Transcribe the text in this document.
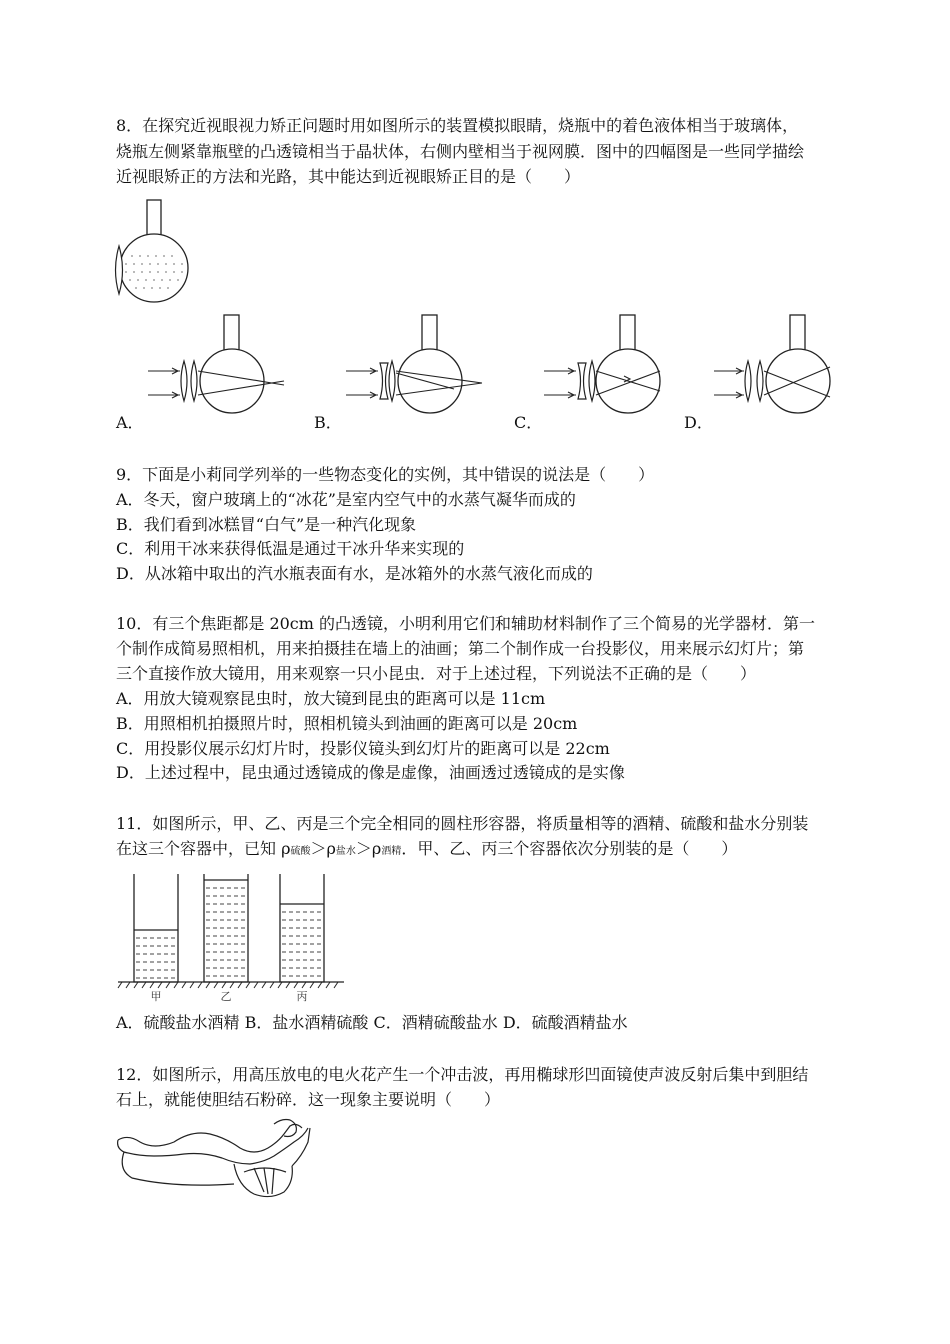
8．在探究近视眼视力矫正问题时用如图所示的装置模拟眼睛，烧瓶中的着色液体相当于玻璃体，
烧瓶左侧紧靠瓶壁的凸透镜相当于晶状体，右侧内壁相当于视网膜．图中的四幅图是一些同学描绘
近视眼矫正的方法和光路，其中能达到近视眼矫正目的是（　　）
A．	B．	C．	D．
9．下面是小莉同学列举的一些物态变化的实例，其中错误的说法是（　　）
A．冬天，窗户玻璃上的“冰花”是室内空气中的水蒸气凝华而成的
B．我们看到冰糕冒“白气”是一种汽化现象
C．利用干冰来获得低温是通过干冰升华来实现的
D．从冰箱中取出的汽水瓶表面有水，是冰箱外的水蒸气液化而成的
10．有三个焦距都是 20cm 的凸透镜，小明利用它们和辅助材料制作了三个简易的光学器材．第一
个制作成简易照相机，用来拍摄挂在墙上的油画；第二个制作成一台投影仪，用来展示幻灯片；第
三个直接作放大镜用，用来观察一只小昆虫．对于上述过程，下列说法不正确的是（　　）
A．用放大镜观察昆虫时，放大镜到昆虫的距离可以是 11cm
B．用照相机拍摄照片时，照相机镜头到油画的距离可以是 20cm
C．用投影仪展示幻灯片时，投影仪镜头到幻灯片的距离可以是 22cm
D．上述过程中，昆虫通过透镜成的像是虚像，油画透过透镜成的是实像
11．如图所示，甲、乙、丙是三个完全相同的圆柱形容器，将质量相等的酒精、硫酸和盐水分别装
在这三个容器中，已知 ρ硫酸＞ρ盐水＞ρ酒精．甲、乙、丙三个容器依次分别装的是（　　）
甲	乙	丙
A．硫酸盐水酒精 B．盐水酒精硫酸 C．酒精硫酸盐水 D．硫酸酒精盐水
12．如图所示，用高压放电的电火花产生一个冲击波，再用椭球形凹面镜使声波反射后集中到胆结
石上，就能使胆结石粉碎．这一现象主要说明（　　）
